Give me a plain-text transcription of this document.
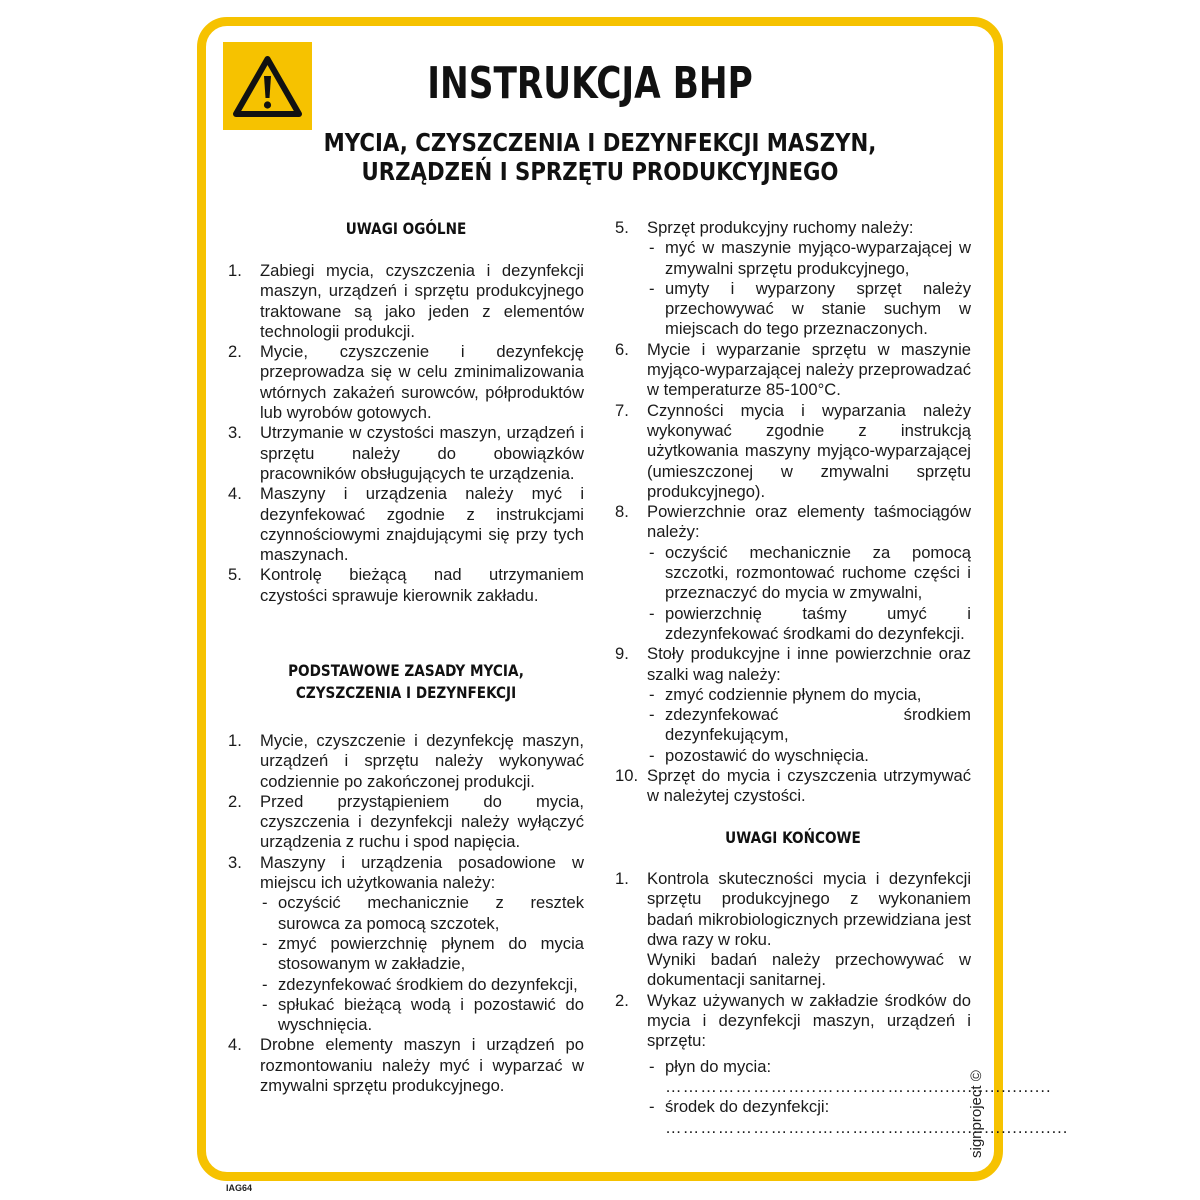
INSTRUKCJA BHP
MYCIA, CZYSZCZENIA I DEZYNFEKCJI MASZYN,
URZĄDZEŃ I SPRZĘTU PRODUKCYJNEGO
UWAGI OGÓLNE
1. Zabiegi mycia, czyszczenia i dezynfekcji maszyn, urządzeń i sprzętu produkcyjnego traktowane są jako jeden z elementów technologii produkcji.
2. Mycie, czyszczenie i dezynfekcję przeprowadza się w celu zminimalizowania wtórnych zakażeń surowców, półproduktów lub wyrobów gotowych.
3. Utrzymanie w czystości maszyn, urządzeń i sprzętu należy do obowiązków pracowników obsługujących te urządzenia.
4. Maszyny i urządzenia należy myć i dezynfekować zgodnie z instrukcjami czynnościowymi znajdującymi się przy tych maszynach.
5. Kontrolę bieżącą nad utrzymaniem czystości sprawuje kierownik zakładu.
PODSTAWOWE ZASADY MYCIA,
CZYSZCZENIA I DEZYNFEKCJI
1. Mycie, czyszczenie i dezynfekcję maszyn, urządzeń i sprzętu należy wykonywać codziennie po zakończonej produkcji.
2. Przed przystąpieniem do mycia, czyszczenia i dezynfekcji należy wyłączyć urządzenia z ruchu i spod napięcia.
3. Maszyny i urządzenia posadowione w miejscu ich użytkowania należy:
- oczyścić mechanicznie z resztek surowca za pomocą szczotek,
- zmyć powierzchnię płynem do mycia stosowanym w zakładzie,
- zdezynfekować środkiem do dezynfekcji,
- spłukać bieżącą wodą i pozostawić do wyschnięcia.
4. Drobne elementy maszyn i urządzeń po rozmontowaniu należy myć i wyparzać w zmywalni sprzętu produkcyjnego.
5. Sprzęt produkcyjny ruchomy należy:
- myć w maszynie myjąco-wyparzającej w zmywalni sprzętu produkcyjnego,
- umyty i wyparzony sprzęt należy przechowywać w stanie suchym w miejscach do tego przeznaczonych.
6. Mycie i wyparzanie sprzętu w maszynie myjąco-wyparzającej należy przeprowadzać w temperaturze 85-100°C.
7. Czynności mycia i wyparzania należy wykonywać zgodnie z instrukcją użytkowania maszyny myjąco-wyparzającej (umieszczonej w zmywalni sprzętu produkcyjnego).
8. Powierzchnie oraz elementy taśmociągów należy:
- oczyścić mechanicznie za pomocą szczotki, rozmontować ruchome części i przeznaczyć do mycia w zmywalni,
- powierzchnię taśmy umyć i zdezynfekować środkami do dezynfekcji.
9. Stoły produkcyjne i inne powierzchnie oraz szalki wag należy:
- zmyć codziennie płynem do mycia,
- zdezynfekować środkiem dezynfekującym,
- pozostawić do wyschnięcia.
10. Sprzęt do mycia i czyszczenia utrzymywać w należytej czystości.
UWAGI KOŃCOWE
1. Kontrola skuteczności mycia i dezynfekcji sprzętu produkcyjnego z wykonaniem badań mikrobiologicznych przewidziana jest dwa razy w roku.
Wyniki badań należy przechowywać w dokumentacji sanitarnej.
2. Wykaz używanych w zakładzie środków do mycia i dezynfekcji maszyn, urządzeń i sprzętu:
- płyn do mycia:
……………………..……………….......................
- środek do dezynfekcji:
……………………..………………..........................
signproject ©
IAG64
